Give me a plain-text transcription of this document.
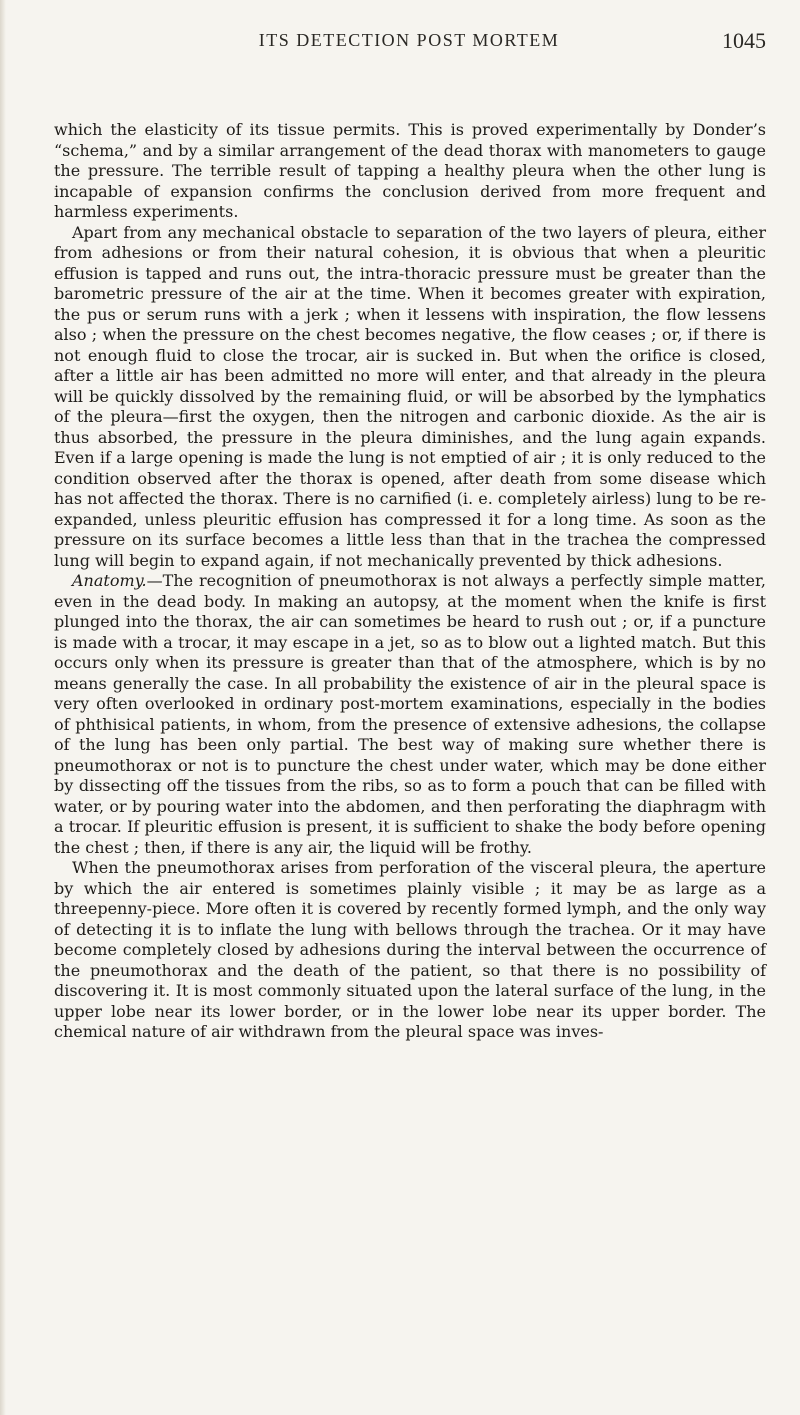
ITS DETECTION POST MORTEM	1045

which the elasticity of its tissue permits. This is proved experimentally by Donder’s “schema,” and by a similar arrangement of the dead thorax with manometers to gauge the pressure. The terrible result of tapping a healthy pleura when the other lung is incapable of expansion confirms the conclusion derived from more frequent and harmless experiments.

Apart from any mechanical obstacle to separation of the two layers of pleura, either from adhesions or from their natural cohesion, it is obvious that when a pleuritic effusion is tapped and runs out, the intra-thoracic pressure must be greater than the barometric pressure of the air at the time. When it becomes greater with expiration, the pus or serum runs with a jerk ; when it lessens with inspiration, the flow lessens also ; when the pressure on the chest becomes negative, the flow ceases ; or, if there is not enough fluid to close the trocar, air is sucked in. But when the orifice is closed, after a little air has been admitted no more will enter, and that already in the pleura will be quickly dissolved by the remaining fluid, or will be absorbed by the lymphatics of the pleura—first the oxygen, then the nitrogen and carbonic dioxide. As the air is thus absorbed, the pressure in the pleura diminishes, and the lung again expands. Even if a large opening is made the lung is not emptied of air ; it is only reduced to the condition observed after the thorax is opened, after death from some disease which has not affected the thorax. There is no carnified (i. e. completely airless) lung to be re-expanded, unless pleuritic effusion has compressed it for a long time. As soon as the pressure on its surface becomes a little less than that in the trachea the compressed lung will begin to expand again, if not mechanically prevented by thick adhesions.

Anatomy.—The recognition of pneumothorax is not always a perfectly simple matter, even in the dead body. In making an autopsy, at the moment when the knife is first plunged into the thorax, the air can sometimes be heard to rush out ; or, if a puncture is made with a trocar, it may escape in a jet, so as to blow out a lighted match. But this occurs only when its pressure is greater than that of the atmosphere, which is by no means generally the case. In all probability the existence of air in the pleural space is very often overlooked in ordinary post-mortem examinations, especially in the bodies of phthisical patients, in whom, from the presence of extensive adhesions, the collapse of the lung has been only partial. The best way of making sure whether there is pneumothorax or not is to puncture the chest under water, which may be done either by dissecting off the tissues from the ribs, so as to form a pouch that can be filled with water, or by pouring water into the abdomen, and then perforating the diaphragm with a trocar. If pleuritic effusion is present, it is sufficient to shake the body before opening the chest ; then, if there is any air, the liquid will be frothy.

When the pneumothorax arises from perforation of the visceral pleura, the aperture by which the air entered is sometimes plainly visible ; it may be as large as a threepenny-piece. More often it is covered by recently formed lymph, and the only way of detecting it is to inflate the lung with bellows through the trachea. Or it may have become completely closed by adhesions during the interval between the occurrence of the pneumothorax and the death of the patient, so that there is no possibility of discovering it. It is most commonly situated upon the lateral surface of the lung, in the upper lobe near its lower border, or in the lower lobe near its upper border. The chemical nature of air withdrawn from the pleural space was inves-
